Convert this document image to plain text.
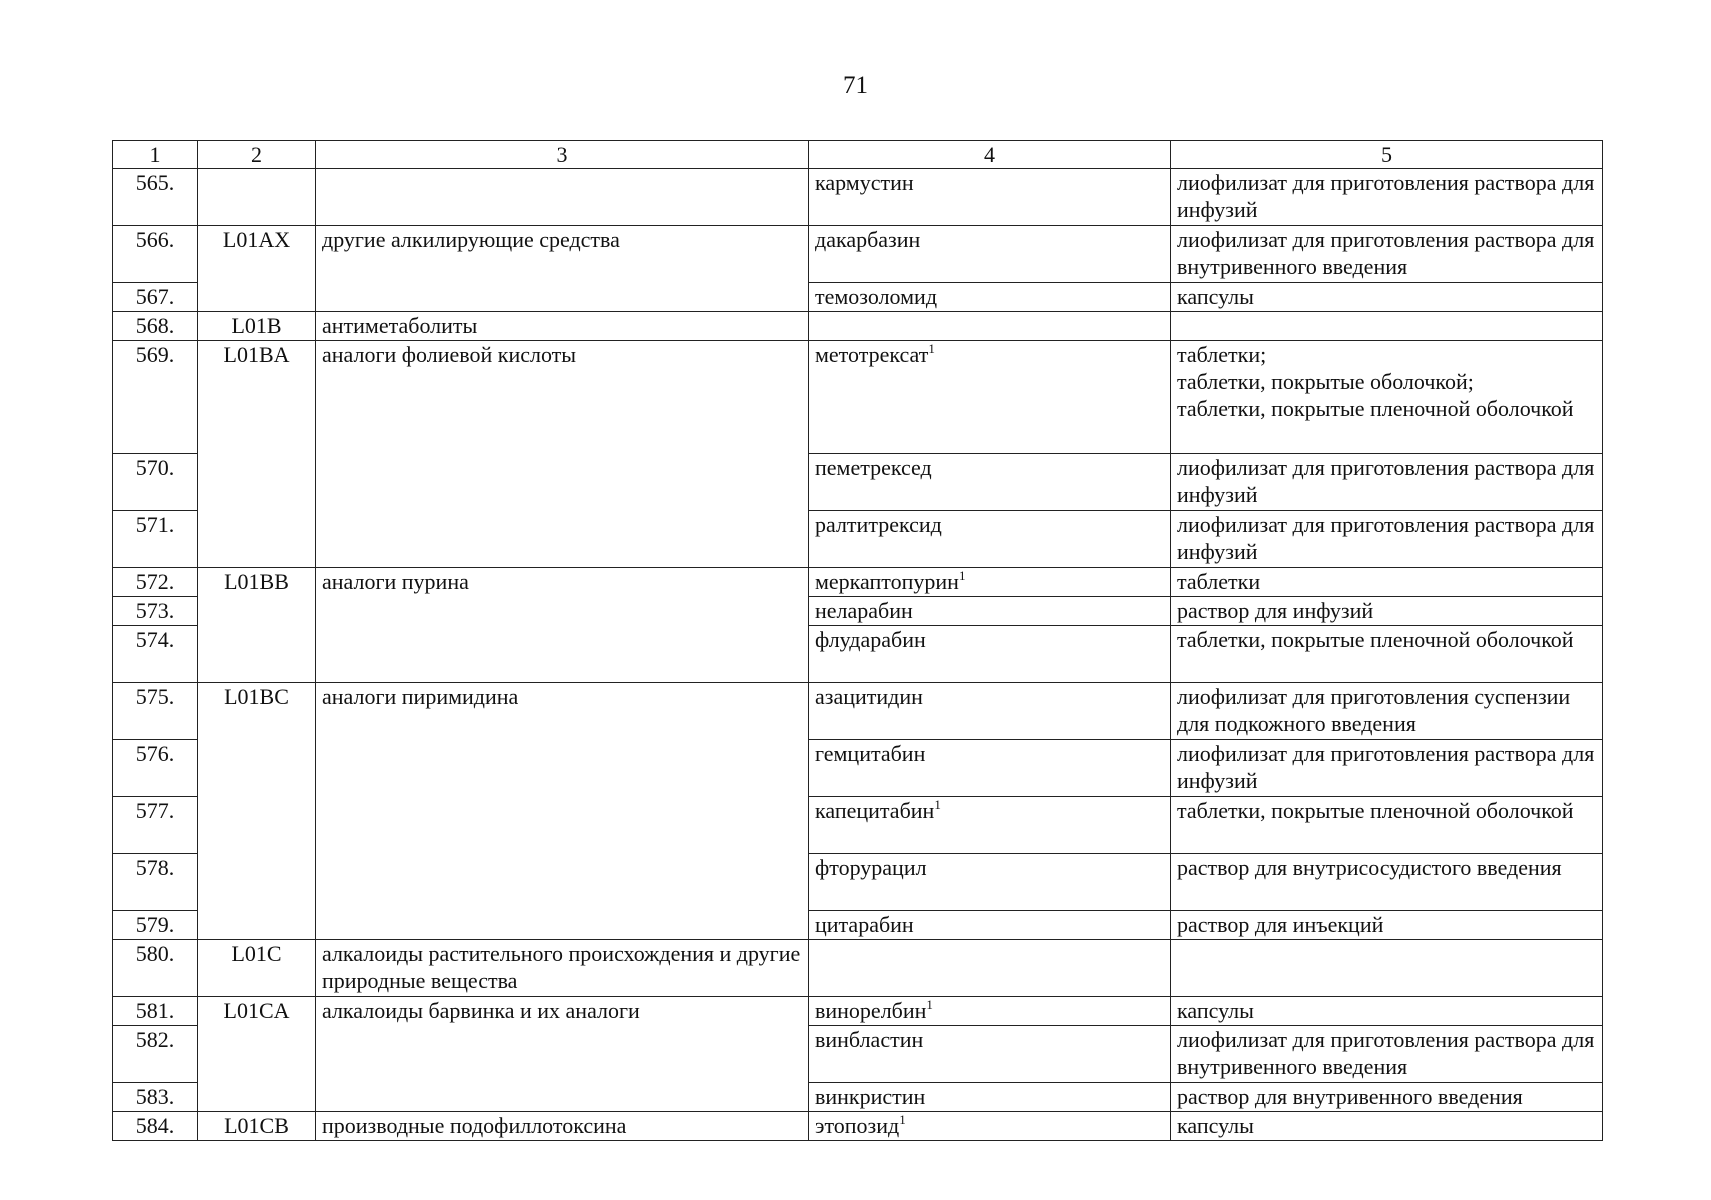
71
1	2	3	4	5
565.			кармустин	лиофилизат для приготовления раствора для инфузий
566.	L01AX	другие алкилирующие средства	дакарбазин	лиофилизат для приготовления раствора для внутривенного введения
567.			темозоломид	капсулы
568.	L01B	антиметаболиты		
569.	L01BA	аналоги фолиевой кислоты	метотрексат$^1$	таблетки;
таблетки, покрытые оболочкой;
таблетки, покрытые пленочной оболочкой
570.			пеметрексед	лиофилизат для приготовления раствора для инфузий
571.			ралтитрексид	лиофилизат для приготовления раствора для инфузий
572.	L01BB	аналоги пурина	меркаптопурин$^1$	таблетки
573.			неларабин	раствор для инфузий
574.			флударабин	таблетки, покрытые пленочной оболочкой
575.	L01BC	аналоги пиримидина	азацитидин	лиофилизат для приготовления суспензии для подкожного введения
576.			гемцитабин	лиофилизат для приготовления раствора для инфузий
577.			капецитабин$^1$	таблетки, покрытые пленочной оболочкой
578.			фторурацил	раствор для внутрисосудистого введения
579.			цитарабин	раствор для инъекций
580.	L01C	алкалоиды растительного происхождения и другие природные вещества		
581.	L01CA	алкалоиды барвинка и их аналоги	винорелбин$^1$	капсулы
582.			винбластин	лиофилизат для приготовления раствора для внутривенного введения
583.			винкристин	раствор для внутривенного введения
584.	L01CB	производные подофиллотоксина	этопозид$^1$	капсулы
